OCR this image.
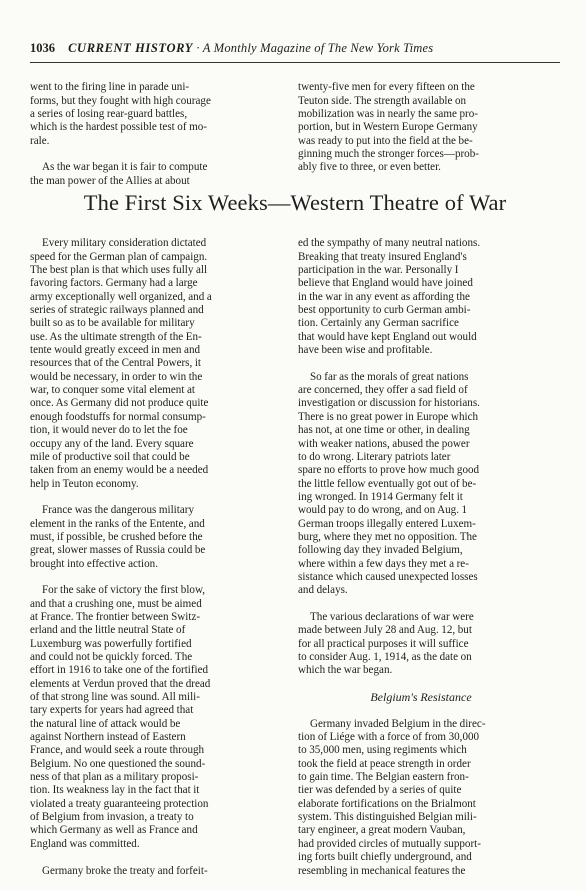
1036 CURRENT HISTORY · A Monthly Magazine of The New York Times

went to the firing line in parade uni-
forms, but they fought with high courage
a series of losing rear-guard battles,
which is the hardest possible test of mo-
rale.

As the war began it is fair to compute
the man power of the Allies at about

twenty-five men for every fifteen on the
Teuton side. The strength available on
mobilization was in nearly the same pro-
portion, but in Western Europe Germany
was ready to put into the field at the be-
ginning much the stronger forces—prob-
ably five to three, or even better.

The First Six Weeks—Western Theatre of War

Every military consideration dictated
speed for the German plan of campaign.
The best plan is that which uses fully all
favoring factors. Germany had a large
army exceptionally well organized, and a
series of strategic railways planned and
built so as to be available for military
use. As the ultimate strength of the En-
tente would greatly exceed in men and
resources that of the Central Powers, it
would be necessary, in order to win the
war, to conquer some vital element at
once. As Germany did not produce quite
enough foodstuffs for normal consump-
tion, it would never do to let the foe
occupy any of the land. Every square
mile of productive soil that could be
taken from an enemy would be a needed
help in Teuton economy.

France was the dangerous military
element in the ranks of the Entente, and
must, if possible, be crushed before the
great, slower masses of Russia could be
brought into effective action.

For the sake of victory the first blow,
and that a crushing one, must be aimed
at France. The frontier between Switz-
erland and the little neutral State of
Luxemburg was powerfully fortified
and could not be quickly forced. The
effort in 1916 to take one of the fortified
elements at Verdun proved that the dread
of that strong line was sound. All mili-
tary experts for years had agreed that
the natural line of attack would be
against Northern instead of Eastern
France, and would seek a route through
Belgium. No one questioned the sound-
ness of that plan as a military proposi-
tion. Its weakness lay in the fact that it
violated a treaty guaranteeing protection
of Belgium from invasion, a treaty to
which Germany as well as France and
England was committed.

Germany broke the treaty and forfeit-

ed the sympathy of many neutral nations.
Breaking that treaty insured England's
participation in the war. Personally I
believe that England would have joined
in the war in any event as affording the
best opportunity to curb German ambi-
tion. Certainly any German sacrifice
that would have kept England out would
have been wise and profitable.

So far as the morals of great nations
are concerned, they offer a sad field of
investigation or discussion for historians.
There is no great power in Europe which
has not, at one time or other, in dealing
with weaker nations, abused the power
to do wrong. Literary patriots later
spare no efforts to prove how much good
the little fellow eventually got out of be-
ing wronged. In 1914 Germany felt it
would pay to do wrong, and on Aug. 1
German troops illegally entered Luxem-
burg, where they met no opposition. The
following day they invaded Belgium,
where within a few days they met a re-
sistance which caused unexpected losses
and delays.

The various declarations of war were
made between July 28 and Aug. 12, but
for all practical purposes it will suffice
to consider Aug. 1, 1914, as the date on
which the war began.

Belgium's Resistance

Germany invaded Belgium in the direc-
tion of Liége with a force of from 30,000
to 35,000 men, using regiments which
took the field at peace strength in order
to gain time. The Belgian eastern fron-
tier was defended by a series of quite
elaborate fortifications on the Brialmont
system. This distinguished Belgian mili-
tary engineer, a great modern Vauban,
had provided circles of mutually support-
ing forts built chiefly underground, and
resembling in mechanical features the
